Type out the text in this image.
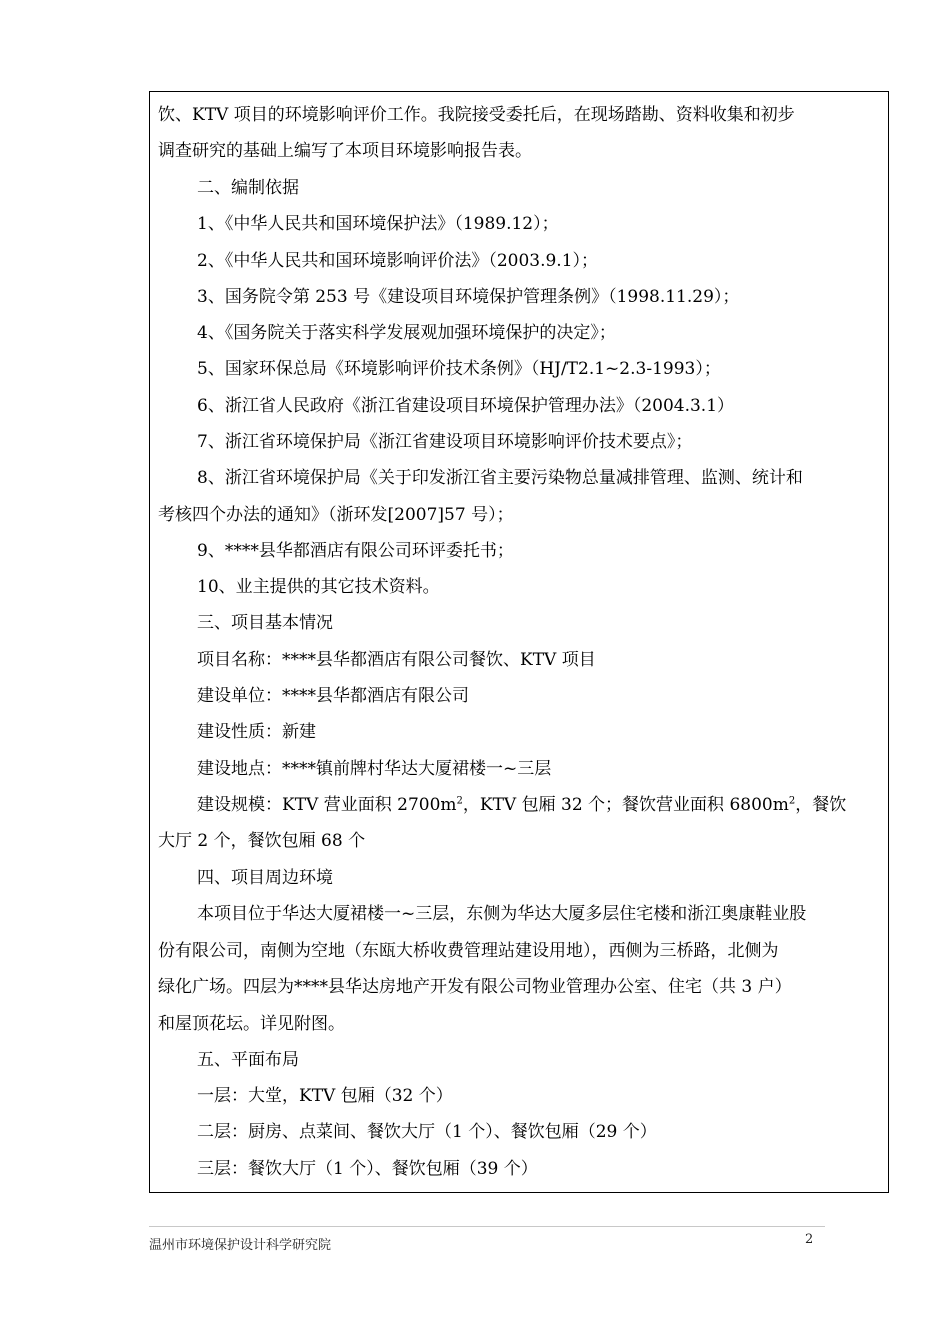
饮、KTV 项目的环境影响评价工作。我院接受委托后，在现场踏勘、资料收集和初步
调查研究的基础上编写了本项目环境影响报告表。
二、编制依据
1、《中华人民共和国环境保护法》（1989.12）；
2、《中华人民共和国环境影响评价法》（2003.9.1）；
3、国务院令第 253 号《建设项目环境保护管理条例》（1998.11.29）；
4、《国务院关于落实科学发展观加强环境保护的决定》；
5、国家环保总局《环境影响评价技术条例》（HJ/T2.1~2.3-1993）；
6、浙江省人民政府《浙江省建设项目环境保护管理办法》（2004.3.1）
7、浙江省环境保护局《浙江省建设项目环境影响评价技术要点》；
8、浙江省环境保护局《关于印发浙江省主要污染物总量减排管理、监测、统计和
考核四个办法的通知》（浙环发[2007]57 号）；
9、****县华都酒店有限公司环评委托书；
10、业主提供的其它技术资料。
三、项目基本情况
项目名称：****县华都酒店有限公司餐饮、KTV 项目
建设单位：****县华都酒店有限公司
建设性质：新建
建设地点：****镇前牌村华达大厦裙楼一~三层
建设规模：KTV 营业面积 $2700m^2$，KTV 包厢 32 个；餐饮营业面积 $6800m^2$，餐饮
大厅 2 个，餐饮包厢 68 个
四、项目周边环境
本项目位于华达大厦裙楼一~三层，东侧为华达大厦多层住宅楼和浙江奥康鞋业股
份有限公司，南侧为空地（东瓯大桥收费管理站建设用地），西侧为三桥路，北侧为
绿化广场。四层为****县华达房地产开发有限公司物业管理办公室、住宅（共 3 户）
和屋顶花坛。详见附图。
五、平面布局
一层：大堂，KTV 包厢（32 个）
二层：厨房、点菜间、餐饮大厅（1 个）、餐饮包厢（29 个）
三层：餐饮大厅（1 个）、餐饮包厢（39 个）
温州市环境保护设计科学研究院	2
